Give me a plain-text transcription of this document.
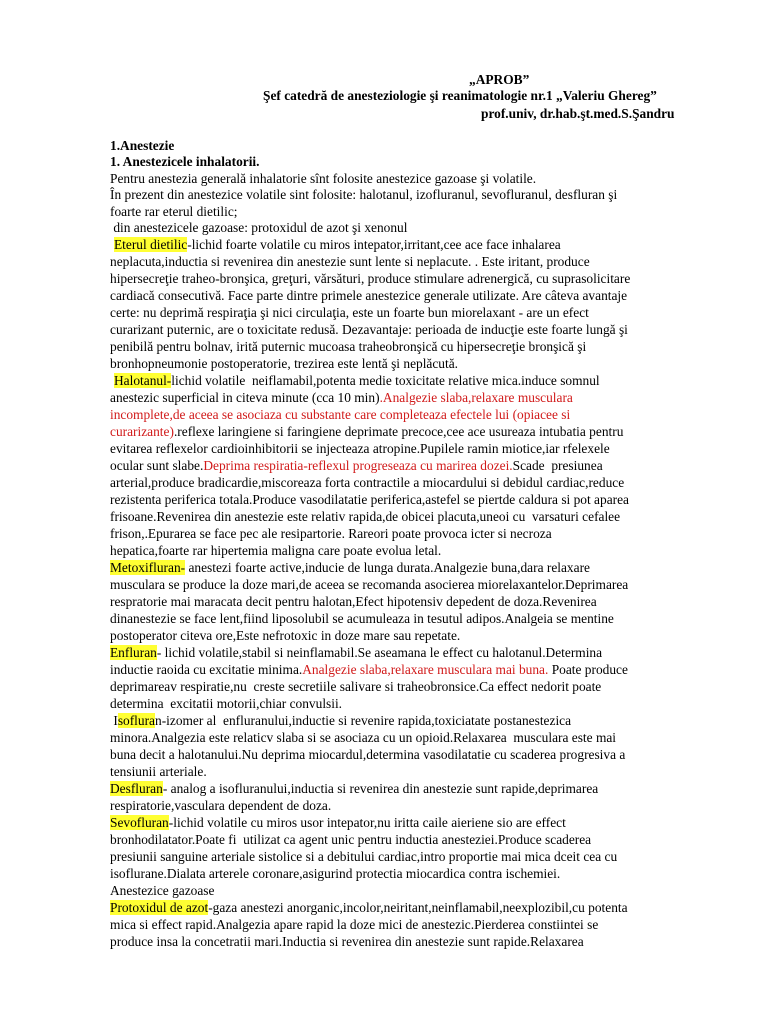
„APROB”
Şef catedră de anesteziologie şi reanimatologie nr.1 „Valeriu Ghereg”
prof.univ, dr.hab.şt.med.S.Şandru
1.Anestezie
1. Anestezicele inhalatorii.
Pentru anestezia generală inhalatorie sînt folosite anestezice gazoase şi volatile.
În prezent din anestezice volatile sint folosite: halotanul, izofluranul, sevofluranul, desfluran şi
foarte rar eterul dietilic;
din anestezicele gazoase: protoxidul de azot şi xenonul
Eterul dietilic-lichid foarte volatile cu miros intepator,irritant,cee ace face inhalarea
neplacuta,inductia si revenirea din anestezie sunt lente si neplacute. . Este iritant, produce
hipersecreţie traheo-bronşica, greţuri, vărsături, produce stimulare adrenergică, cu suprasolicitare
cardiacă consecutivă. Face parte dintre primele anestezice generale utilizate. Are câteva avantaje
certe: nu deprimă respiraţia şi nici circulaţia, este un foarte bun miorelaxant - are un efect
curarizant puternic, are o toxicitate redusă. Dezavantaje: perioada de inducţie este foarte lungă şi
penibilă pentru bolnav, irită puternic mucoasa traheobronşică cu hipersecreţie bronşică şi
bronhopneumonie postoperatorie, trezirea este lentă şi neplăcută.
Halotanul-lichid volatile  neiflamabil,potenta medie toxicitate relative mica.induce somnul
anestezic superficial in citeva minute (cca 10 min).Analgezie slaba,relaxare musculara
incomplete,de aceea se asociaza cu substante care completeaza efectele lui (opiacee si
curarizante).reflexe laringiene si faringiene deprimate precoce,cee ace usureaza intubatia pentru
evitarea reflexelor cardioinhibitorii se injecteaza atropine.Pupilele ramin miotice,iar rfelexele
ocular sunt slabe.Deprima respiratia-reflexul progreseaza cu marirea dozei.Scade  presiunea
arterial,produce bradicardie,miscoreaza forta contractile a miocardului si debidul cardiac,reduce
rezistenta periferica totala.Produce vasodilatatie periferica,astefel se piertde caldura si pot aparea
frisoane.Revenirea din anestezie este relativ rapida,de obicei placuta,uneoi cu  varsaturi cefalee
frison,.Epurarea se face pec ale resipartorie. Rareori poate provoca icter si necroza
hepatica,foarte rar hipertemia maligna care poate evolua letal.
Metoxifluran- anestezi foarte active,inducie de lunga durata.Analgezie buna,dara relaxare
musculara se produce la doze mari,de aceea se recomanda asocierea miorelaxantelor.Deprimarea
respratorie mai maracata decit pentru halotan,Efect hipotensiv depedent de doza.Revenirea
dinanestezie se face lent,fiind liposolubil se acumuleaza in tesutul adipos.Analgeia se mentine
postoperator citeva ore,Este nefrotoxic in doze mare sau repetate.
Enfluran- lichid volatile,stabil si neinflamabil.Se aseamana le effect cu halotanul.Determina
inductie raoida cu excitatie minima.Analgezie slaba,relaxare musculara mai buna. Poate produce
deprimareav respiratie,nu  creste secretiile salivare si traheobronsice.Ca effect nedorit poate
determina  excitatii motorii,chiar convulsii.
Isofluran-izomer al  enfluranului,inductie si revenire rapida,toxiciatate postanestezica
minora.Analgezia este relaticv slaba si se asociaza cu un opioid.Relaxarea  musculara este mai
buna decit a halotanului.Nu deprima miocardul,determina vasodilatatie cu scaderea progresiva a
tensiunii arteriale.
Desfluran- analog a isofluranului,inductia si revenirea din anestezie sunt rapide,deprimarea
respiratorie,vasculara dependent de doza.
Sevofluran-lichid volatile cu miros usor intepator,nu iritta caile aieriene sio are effect
bronhodilatator.Poate fi  utilizat ca agent unic pentru inductia anesteziei.Produce scaderea
presiunii sanguine arteriale sistolice si a debitului cardiac,intro proportie mai mica dceit cea cu
isoflurane.Dialata arterele coronare,asigurind protectia miocardica contra ischemiei.
Anestezice gazoase
Protoxidul de azot-gaza anestezi anorganic,incolor,neiritant,neinflamabil,neexplozibil,cu potenta
mica si effect rapid.Analgezia apare rapid la doze mici de anestezic.Pierderea constiintei se
produce insa la concetratii mari.Inductia si revenirea din anestezie sunt rapide.Relaxarea
